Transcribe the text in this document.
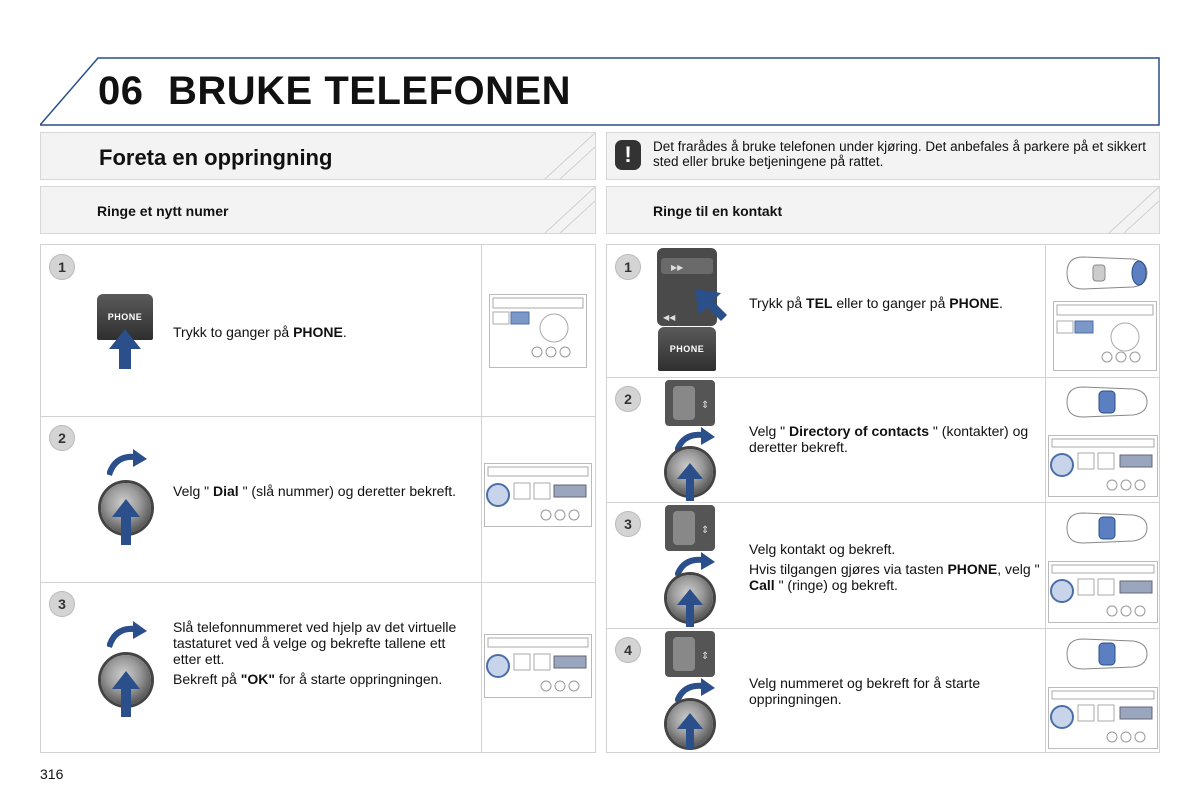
06 BRUKE TELEFONEN
Foreta en oppringning	!	Det frarådes å bruke telefonen under kjøring. Det anbefales å parkere på et sikkert sted eller bruke betjeningene på rattet.
Ringe et nytt numer	Ringe til en kontakt
1
PHONE
Trykk to ganger på PHONE.
2
Velg " Dial " (slå nummer) og deretter bekreft.
3

Slå telefonnummeret ved hjelp av det virtuelle tastaturet ved å velge og bekrefte tallene ett etter ett.

Bekreft på "OK" for å starte oppringningen.

1	▶▶
◀◀
PHONE
Trykk på TEL eller to ganger på PHONE.
2	⇕
Velg " Directory of contacts " (kontakter) og deretter bekreft.
3	⇕

Velg kontakt og bekreft.

Hvis tilgangen gjøres via tasten PHONE, velg " Call " (ringe) og bekreft.

4	⇕
Velg nummeret og bekreft for å starte oppringningen.
316
